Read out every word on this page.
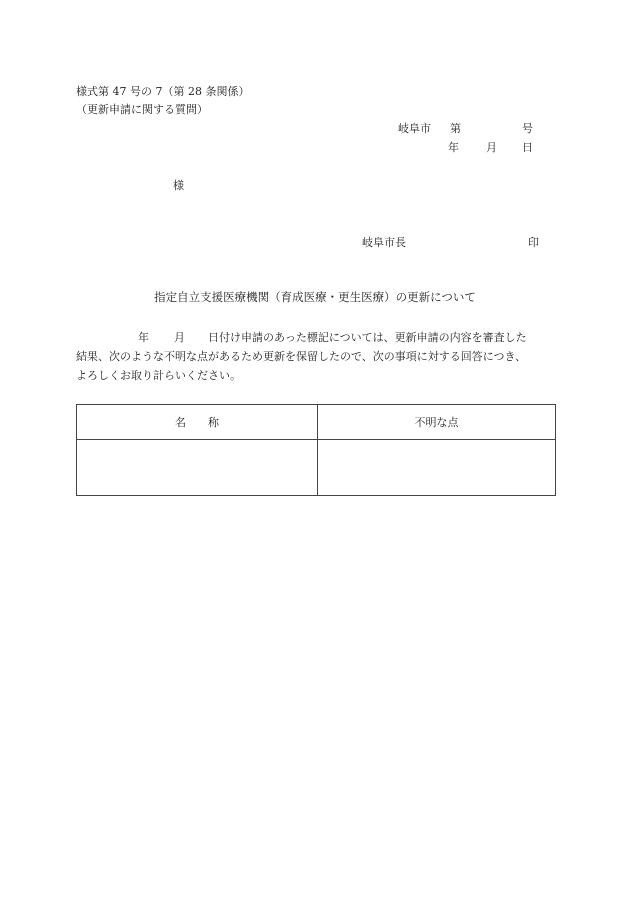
様式第 47 号の 7（第 28 条関係）
（更新申請に関する質問）
岐阜市 第	号
年 月 日
様
岐阜市長	印
指定自立支援医療機関（育成医療・更生医療）の更新について
年 月 日付け申請のあった標記については、更新申請の内容を審査した
結果、次のような不明な点があるため更新を保留したので、次の事項に対する回答につき、
よろしくお取り計らいください。
名　　称	不明な点
